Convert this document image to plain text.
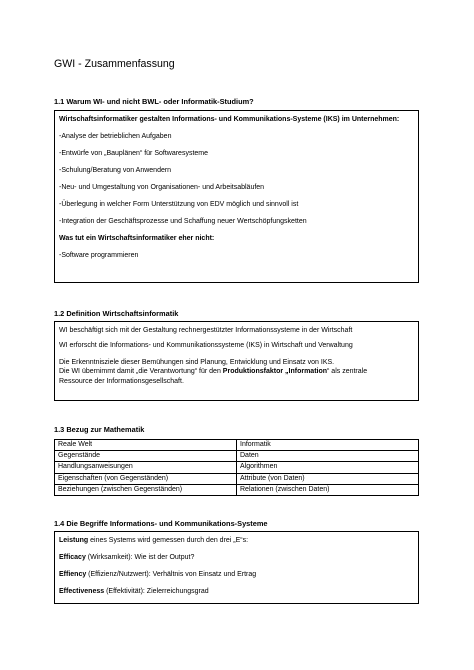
GWI - Zusammenfassung
1.1 Warum WI- und nicht BWL- oder Informatik-Studium?

Wirtschaftsinformatiker gestalten Informations- und Kommunikations-Systeme (IKS) im Unternehmen:

-Analyse der betrieblichen Aufgaben

-Entwürfe von „Bauplänen“ für Softwaresysteme

-Schulung/Beratung von Anwendern

-Neu- und Umgestaltung von Organisationen- und Arbeitsabläufen

-Überlegung in welcher Form Unterstützung von EDV möglich und sinnvoll ist

-Integration der Geschäftsprozesse und Schaffung neuer Wertschöpfungsketten

Was tut ein Wirtschaftsinformatiker eher nicht:

-Software programmieren

1.2 Definition Wirtschaftsinformatik

WI beschäftigt sich mit der Gestaltung rechnergestützter Informationssysteme in der Wirtschaft

WI erforscht die Informations- und Kommunikationssysteme (IKS) in Wirtschaft und Verwaltung

Die Erkenntnisziele dieser Bemühungen sind Planung, Entwicklung und Einsatz von IKS.

Die WI übernimmt damit „die Verantwortung“ für den Produktionsfaktor „Information“ als zentrale

Ressource der Informationsgesellschaft.

1.3 Bezug zur Mathematik
Reale Welt	Informatik
Gegenstände	Daten
Handlungsanweisungen	Algorithmen
Eigenschaften (von Gegenständen)	Attribute (von Daten)
Beziehungen (zwischen Gegenständen)	Relationen (zwischen Daten)
1.4 Die Begriffe Informations- und Kommunikations-Systeme

Leistung eines Systems wird gemessen durch den drei „E“s:

Efficacy (Wirksamkeit): Wie ist der Output?

Effiency (Effizienz/Nutzwert): Verhältnis von Einsatz und Ertrag

Effectiveness (Effektivität): Zielerreichungsgrad
